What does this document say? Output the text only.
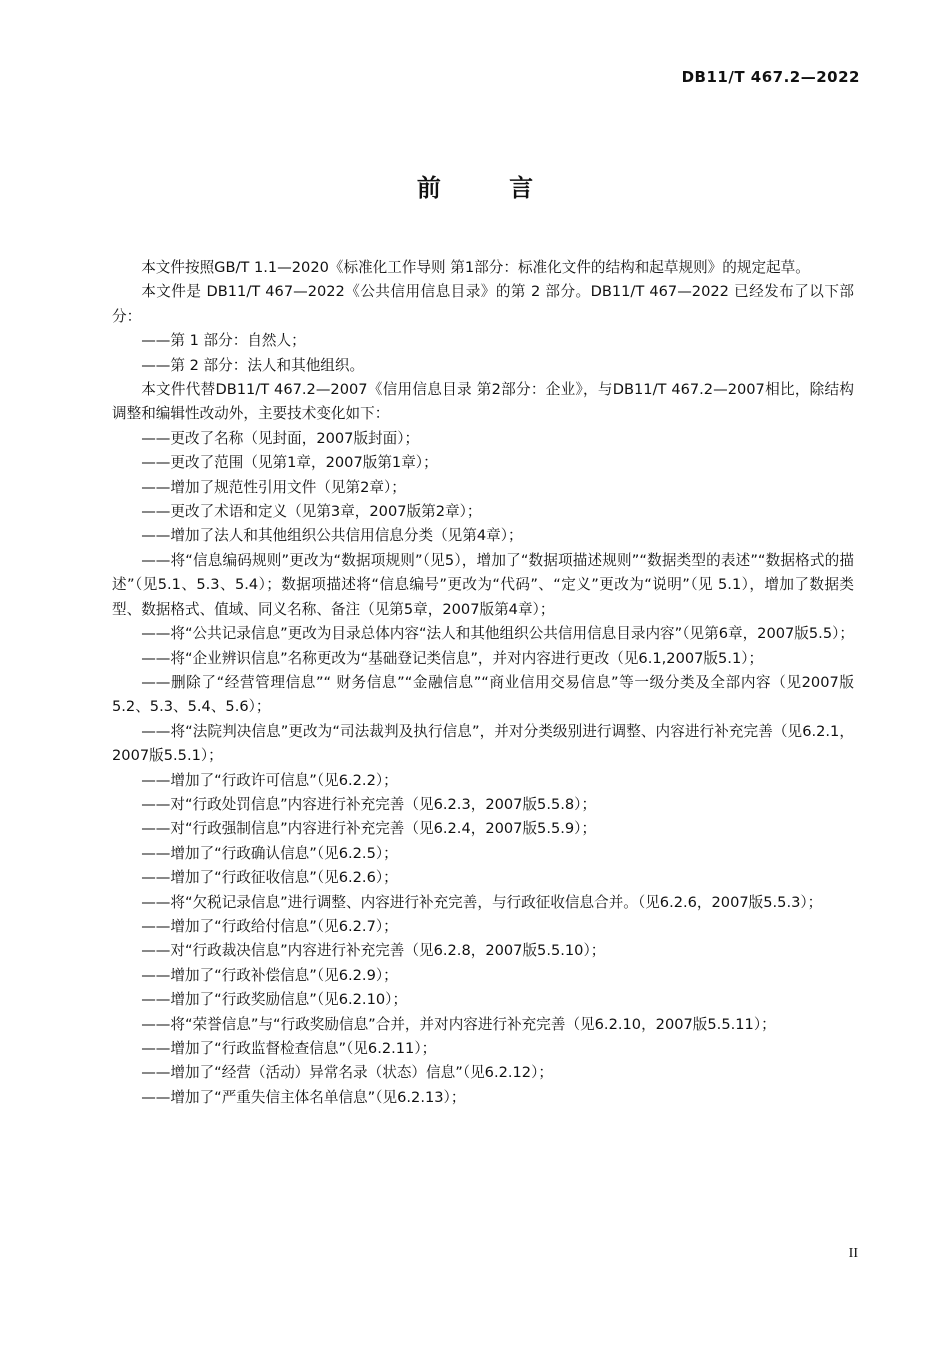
DB11/T 467.2—2022
前 言

本文件按照GB/T 1.1—2020《标准化工作导则 第1部分：标准化文件的结构和起草规则》的规定起草。

本文件是 DB11/T 467—2022《公共信用信息目录》的第 2 部分。DB11/T 467—2022 已经发布了以下部分：

——第 1 部分：自然人；

——第 2 部分：法人和其他组织。

本文件代替DB11/T 467.2—2007《信用信息目录 第2部分：企业》，与DB11/T 467.2—2007相比，除结构调整和编辑性改动外，主要技术变化如下：

——更改了名称（见封面，2007版封面）；

——更改了范围（见第1章，2007版第1章）；

——增加了规范性引用文件（见第2章）；

——更改了术语和定义（见第3章，2007版第2章）；

——增加了法人和其他组织公共信用信息分类（见第4章）；

——将“信息编码规则”更改为“数据项规则”（见5），增加了“数据项描述规则”“数据类型的表述”“数据格式的描述”（见5.1、5.3、5.4）；数据项描述将“信息编号”更改为“代码”、“定义”更改为“说明”（见 5.1），增加了数据类型、数据格式、值域、同义名称、备注（见第5章，2007版第4章）；

——将“公共记录信息”更改为目录总体内容“法人和其他组织公共信用信息目录内容”（见第6章，2007版5.5）；

——将“企业辨识信息”名称更改为“基础登记类信息”，并对内容进行更改（见6.1,2007版5.1）；

——删除了“经营管理信息”“ 财务信息”“金融信息”“商业信用交易信息”等一级分类及全部内容（见2007版5.2、5.3、5.4、5.6）；

——将“法院判决信息”更改为“司法裁判及执行信息”，并对分类级别进行调整、内容进行补充完善（见6.2.1，2007版5.5.1）；

——增加了“行政许可信息”（见6.2.2）；

——对“行政处罚信息”内容进行补充完善（见6.2.3，2007版5.5.8）；

——对“行政强制信息”内容进行补充完善（见6.2.4，2007版5.5.9）；

——增加了“行政确认信息”（见6.2.5）；

——增加了“行政征收信息”（见6.2.6）；

——将“欠税记录信息”进行调整、内容进行补充完善，与行政征收信息合并。（见6.2.6，2007版5.5.3）；

——增加了“行政给付信息”（见6.2.7）；

——对“行政裁决信息”内容进行补充完善（见6.2.8，2007版5.5.10）；

——增加了“行政补偿信息”（见6.2.9）；

——增加了“行政奖励信息”（见6.2.10）；

——将“荣誉信息”与“行政奖励信息”合并，并对内容进行补充完善（见6.2.10，2007版5.5.11）；

——增加了“行政监督检查信息”（见6.2.11）；

——增加了“经营（活动）异常名录（状态）信息”（见6.2.12）；

——增加了“严重失信主体名单信息”（见6.2.13）；

II
